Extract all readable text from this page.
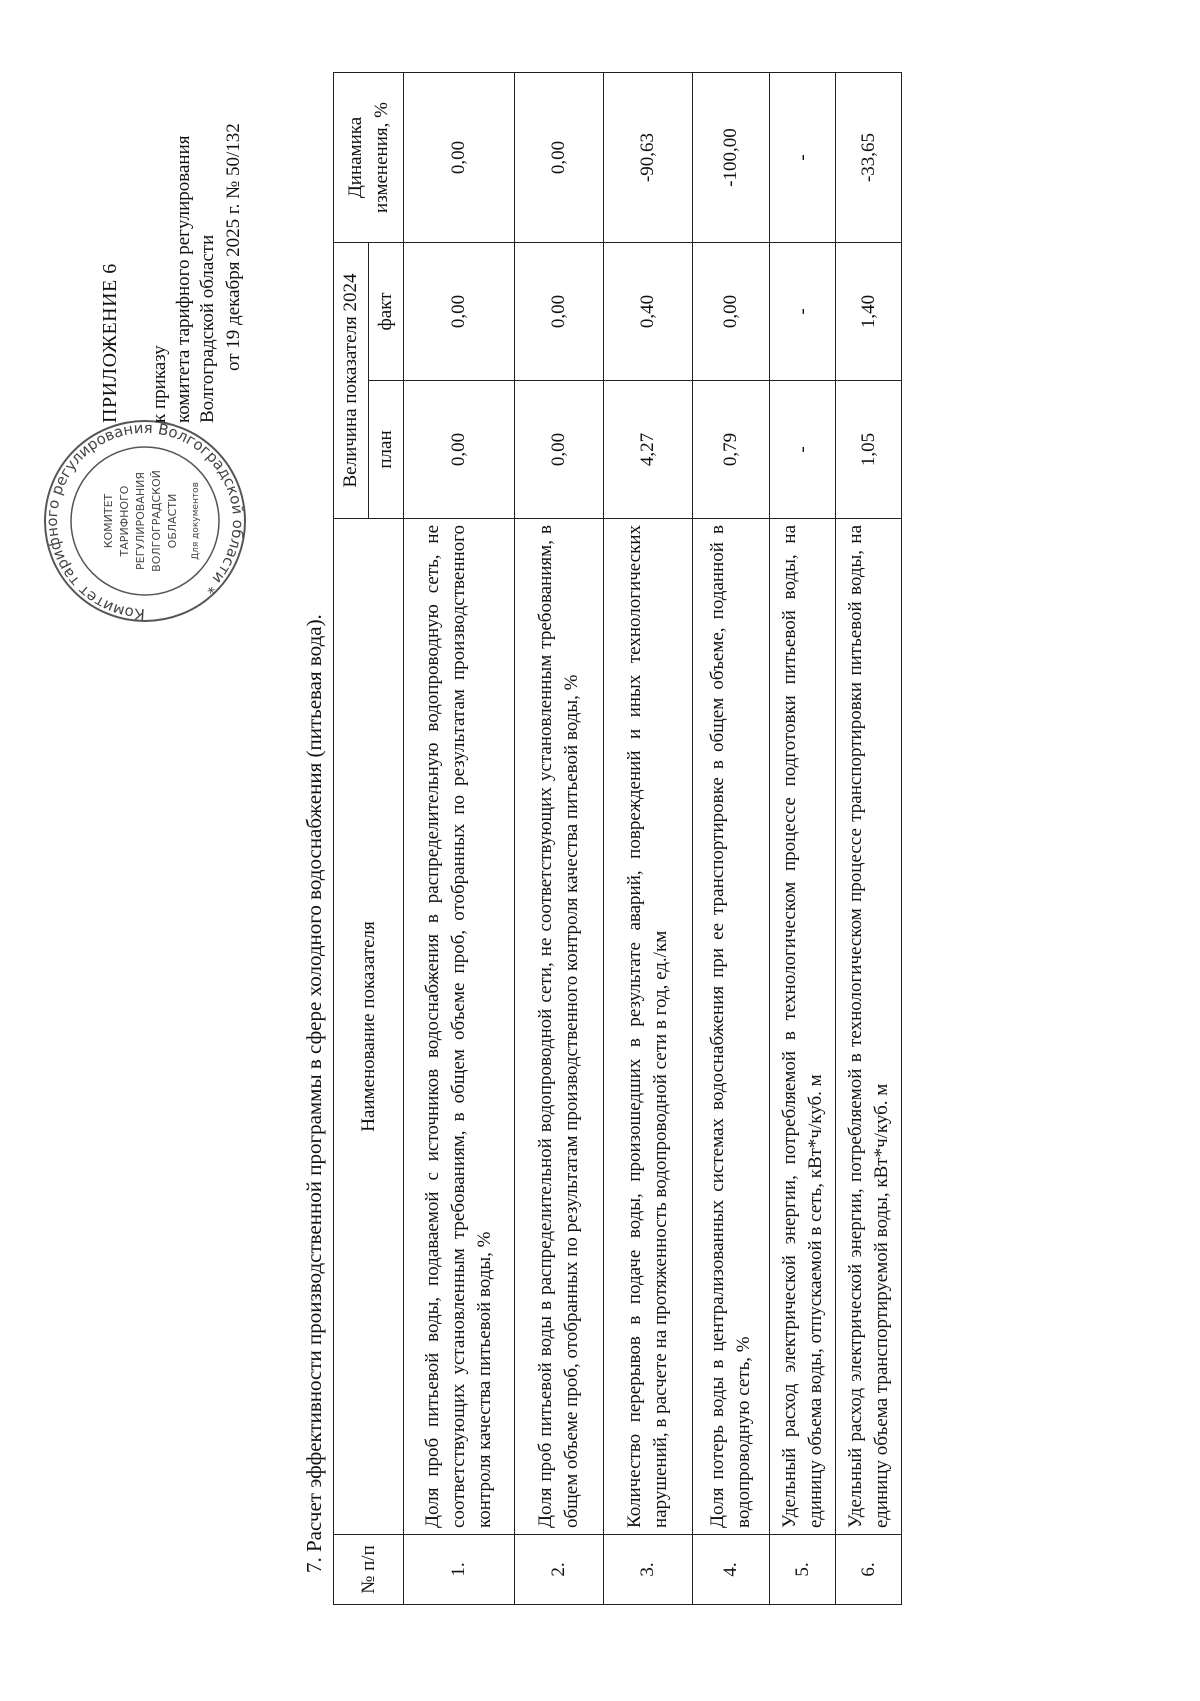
Комитет тарифного регулирования Волгоградской области *
КОМИТЕТ ТАРИФНОГО РЕГУЛИРОВАНИЯ ВОЛГОГРАДСКОЙ ОБЛАСТИ Для документов
ПРИЛОЖЕНИЕ 6 к приказу комитета тарифного регулирования Волгоградской области от 19 декабря 2025 г. № 50/132
7. Расчет эффективности производственной программы в сфере холодного водоснабжения (питьевая вода). № п/п	Наименование показателя	Величина показателя 2024		Динамика изменения, %
		план	факт	
1.	Доля проб питьевой воды, подаваемой с источников водоснабжения в распределительную водопроводную сеть, не соответствующих установленным требованиям, в общем объеме проб, отобранных по результатам производственного контроля качества питьевой воды, %	0,00	0,00	0,00
2.	Доля проб питьевой воды в распределительной водопроводной сети, не соответствующих установленным требованиям, в общем объеме проб, отобранных по результатам производственного контроля качества питьевой воды, %	0,00	0,00	0,00
3.	Количество перерывов в подаче воды, произошедших в результате аварий, повреждений и иных технологических нарушений, в расчете на протяженность водопроводной сети в год, ед./км	4,27	0,40	-90,63
4.	Доля потерь воды в централизованных системах водоснабжения при ее транспортировке в общем объеме, поданной в водопроводную сеть, %	0,79	0,00	-100,00
5.	Удельный расход электрической энергии, потребляемой в технологическом процессе подготовки питьевой воды, на единицу объема воды, отпускаемой в сеть, кВт*ч/куб. м	-	-	-
6.	Удельный расход электрической энергии, потребляемой в технологическом процессе транспортировки питьевой воды, на единицу объема транспортируемой воды, кВт*ч/куб. м	1,05	1,40	-33,65
